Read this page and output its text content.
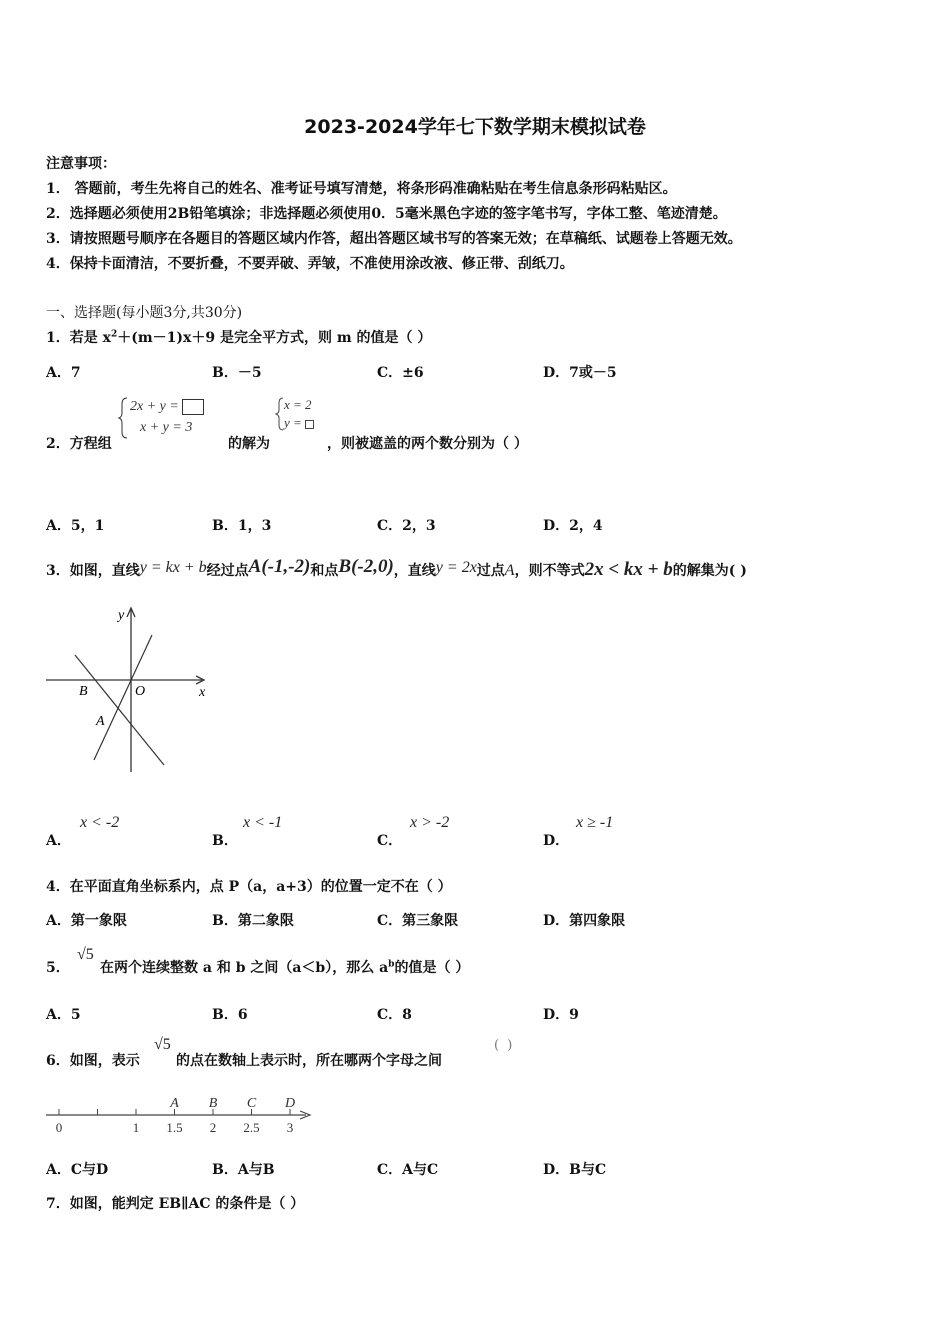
2023-2024学年七下数学期末模拟试卷
注意事项：
1． 答题前，考生先将自己的姓名、准考证号填写清楚，将条形码准确粘贴在考生信息条形码粘贴区。
2．选择题必须使用2B铅笔填涂；非选择题必须使用0．5毫米黑色字迹的签字笔书写，字体工整、笔迹清楚。
3．请按照题号顺序在各题目的答题区域内作答，超出答题区域书写的答案无效；在草稿纸、试题卷上答题无效。
4．保持卡面清洁，不要折叠，不要弄破、弄皱，不准使用涂改液、修正带、刮纸刀。
一、选择题(每小题3分,共30分)
1．若是 $x^2+(m-1)x+9$ 是完全平方式，则 m 的值是（ ）
A．7	B．－5	C．±6	D．7或－5
2．方程组
2x + y =
x + y = 3
的解为
x = 2
y =
，则被遮盖的两个数分别为（ ）
A．5，1	B．1，3	C．2，3	D．2，4
3．如图，直线y = kx + b经过点A(-1,-2)和点B(-2,0)，直线y = 2x过点A，则不等式2x < kx + b的解集为( )
y
x
B	O
A
A．
x < -2
B．
x < -1
C．
x > -2
D．
x ≥ -1
4．在平面直角坐标系内，点 P（a，a+3）的位置一定不在（ ）
A．第一象限	B．第二象限	C．第三象限	D．第四象限
5．
√5
在两个连续整数 a 和 b 之间（a＜b），那么 $a^b$的值是（ ）
A．5	B．6	C．8	D．9
6．如图，表示
√5
的点在数轴上表示时，所在哪两个字母之间
( )
0	1 1.5 2 2.5 3
A B C D
A．C与D	B．A与B	C．A与C	D．B与C
7．如图，能判定 EB∥AC 的条件是（ ）
